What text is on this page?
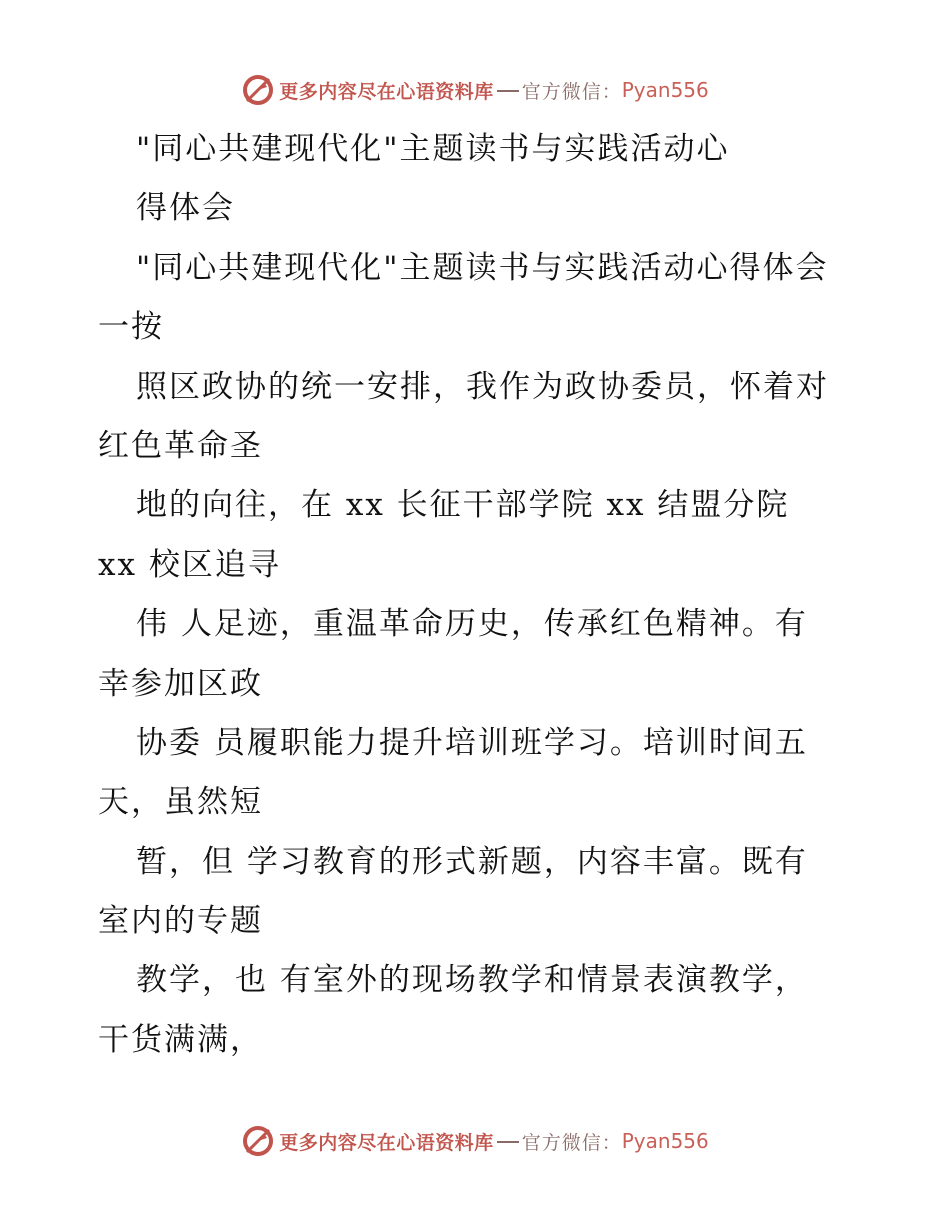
更多内容尽在心语资料库 官方微信： Pyan556
"同心共建现代化"主题读书与实践活动心
得体会
"同心共建现代化"主题读书与实践活动心得体会
一按
照区政协的统一安排，我作为政协委员，怀着对
红色革命圣
地的向往，在 xx 长征干部学院 xx 结盟分院
xx 校区追寻
伟 人足迹，重温革命历史，传承红色精神。有
幸参加区政
协委 员履职能力提升培训班学习。培训时间五
天，虽然短
暂，但 学习教育的形式新题，内容丰富。既有
室内的专题
教学，也 有室外的现场教学和情景表演教学，
干货满满，
更多内容尽在心语资料库 官方微信： Pyan556
